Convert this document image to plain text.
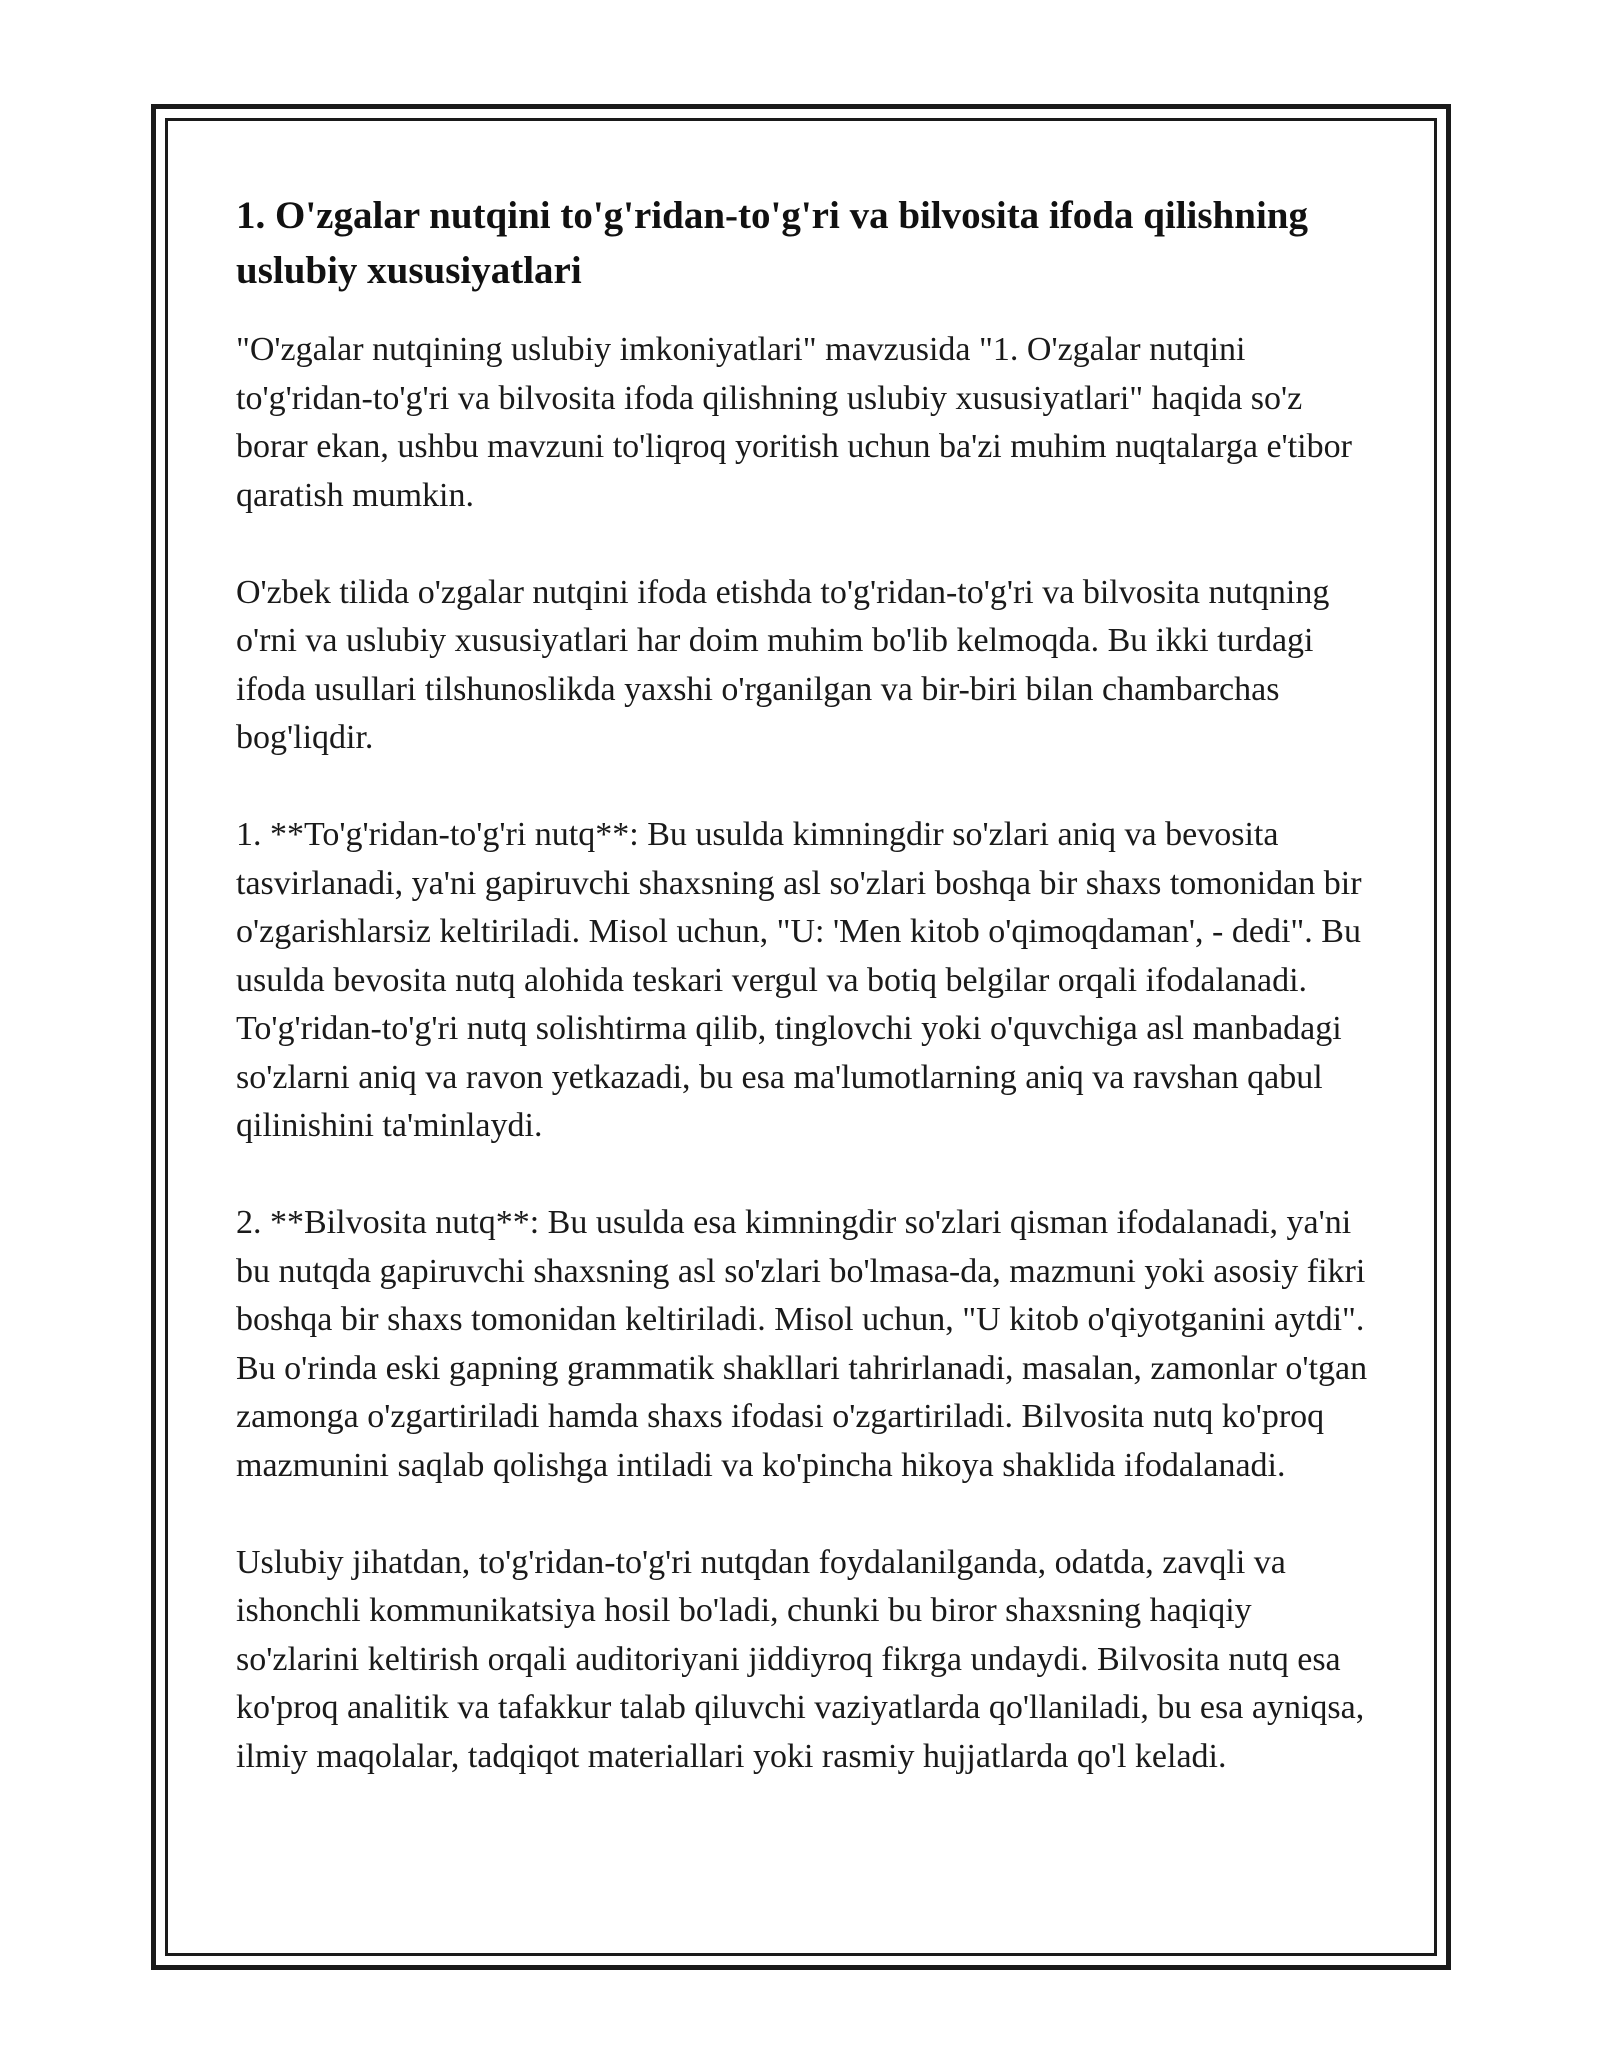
1. O'zgalar nutqini to'g'ridan-to'g'ri va bilvosita ifoda qilishning uslubiy xususiyatlari

"O'zgalar nutqining uslubiy imkoniyatlari" mavzusida "1. O'zgalar nutqini to'g'ridan-to'g'ri va bilvosita ifoda qilishning uslubiy xususiyatlari" haqida so'z borar ekan, ushbu mavzuni to'liqroq yoritish uchun ba'zi muhim nuqtalarga e'tibor qaratish mumkin.

O'zbek tilida o'zgalar nutqini ifoda etishda to'g'ridan-to'g'ri va bilvosita nutqning o'rni va uslubiy xususiyatlari har doim muhim bo'lib kelmoqda. Bu ikki turdagi ifoda usullari tilshunoslikda yaxshi o'rganilgan va bir-biri bilan chambarchas bog'liqdir.

1. **To'g'ridan-to'g'ri nutq**: Bu usulda kimningdir so'zlari aniq va bevosita tasvirlanadi, ya'ni gapiruvchi shaxsning asl so'zlari boshqa bir shaxs tomonidan bir o'zgarishlarsiz keltiriladi. Misol uchun, "U: 'Men kitob o'qimoqdaman', - dedi". Bu usulda bevosita nutq alohida teskari vergul va botiq belgilar orqali ifodalanadi. To'g'ridan-to'g'ri nutq solishtirma qilib, tinglovchi yoki o'quvchiga asl manbadagi so'zlarni aniq va ravon yetkazadi, bu esa ma'lumotlarning aniq va ravshan qabul qilinishini ta'minlaydi.

2. **Bilvosita nutq**: Bu usulda esa kimningdir so'zlari qisman ifodalanadi, ya'ni bu nutqda gapiruvchi shaxsning asl so'zlari bo'lmasa-da, mazmuni yoki asosiy fikri boshqa bir shaxs tomonidan keltiriladi. Misol uchun, "U kitob o'qiyotganini aytdi". Bu o'rinda eski gapning grammatik shakllari tahrirlanadi, masalan, zamonlar o'tgan zamonga o'zgartiriladi hamda shaxs ifodasi o'zgartiriladi. Bilvosita nutq ko'proq mazmunini saqlab qolishga intiladi va ko'pincha hikoya shaklida ifodalanadi.

Uslubiy jihatdan, to'g'ridan-to'g'ri nutqdan foydalanilganda, odatda, zavqli va ishonchli kommunikatsiya hosil bo'ladi, chunki bu biror shaxsning haqiqiy so'zlarini keltirish orqali auditoriyani jiddiyroq fikrga undaydi. Bilvosita nutq esa ko'proq analitik va tafakkur talab qiluvchi vaziyatlarda qo'llaniladi, bu esa ayniqsa, ilmiy maqolalar, tadqiqot materiallari yoki rasmiy hujjatlarda qo'l keladi.
